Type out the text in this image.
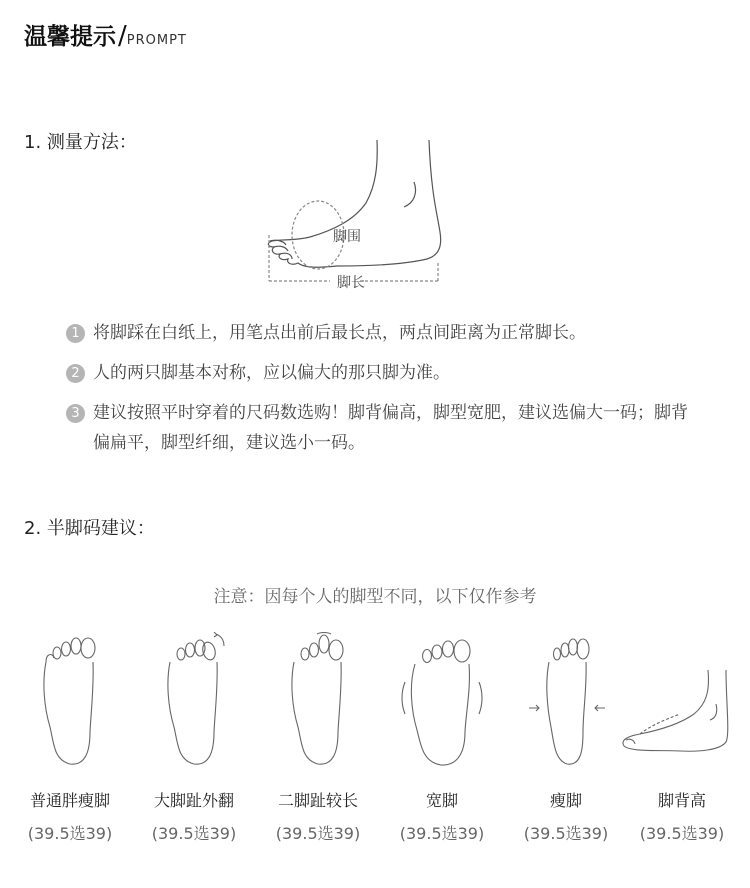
温馨提示/PROMPT
1. 测量方法：
脚围
脚长
1 将脚踩在白纸上，用笔点出前后最长点，两点间距离为正常脚长。
2 人的两只脚基本对称，应以偏大的那只脚为准。
3 建议按照平时穿着的尺码数选购！脚背偏高，脚型宽肥，建议选偏大一码；脚背偏扁平，脚型纤细，建议选小一码。
2. 半脚码建议：
注意：因每个人的脚型不同，以下仅作参考
普通胖瘦脚
(39.5选39)
大脚趾外翻
(39.5选39)
二脚趾较长
(39.5选39)
宽脚
(39.5选39)
瘦脚
(39.5选39)
脚背高
(39.5选39)
